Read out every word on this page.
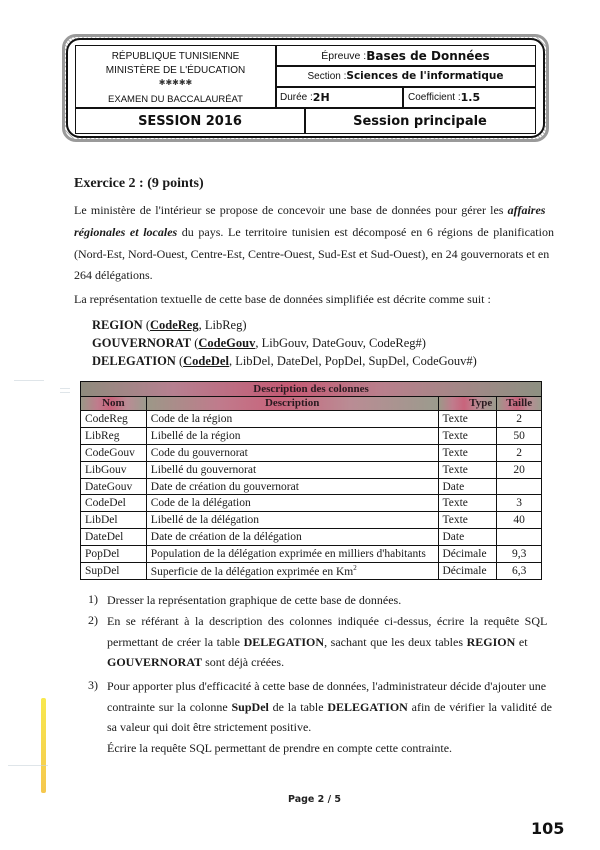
RÉPUBLIQUE TUNISIENNE
MINISTÈRE DE L'ÉDUCATION
✱✱✱✱✱
EXAMEN DU BACCALAURÉAT
Épreuve : Bases de Données
Section : Sciences de l'informatique
Durée : 2H	Coefficient : 1.5
SESSION 2016	Session principale
Exercice 2 : (9 points)
Le ministère de l'intérieur se propose de concevoir une base de données pour gérer les affaires
régionales et locales du pays. Le territoire tunisien est décomposé en 6 régions de planification
(Nord-Est, Nord-Ouest, Centre-Est, Centre-Ouest, Sud-Est et Sud-Ouest), en 24 gouvernorats et en
264 délégations.
La représentation textuelle de cette base de données simplifiée est décrite comme suit :
REGION (CodeReg, LibReg)
GOUVERNORAT (CodeGouv, LibGouv, DateGouv, CodeReg#)
DELEGATION (CodeDel, LibDel, DateDel, PopDel, SupDel, CodeGouv#)
Description des colonnes			
Nom	Description	Type	Taille
CodeReg	Code de la région	Texte	2
LibReg	Libellé de la région	Texte	50
CodeGouv	Code du gouvernorat	Texte	2
LibGouv	Libellé du gouvernorat	Texte	20
DateGouv	Date de création du gouvernorat	Date	
CodeDel	Code de la délégation	Texte	3
LibDel	Libellé de la délégation	Texte	40
DateDel	Date de création de la délégation	Date	
PopDel	Population de la délégation exprimée en milliers d'habitants	Décimale	9,3
SupDel	Superficie de la délégation exprimée en Km$^2$	Décimale	6,3
1) Dresser la représentation graphique de cette base de données.
2) En se référant à la description des colonnes indiquée ci-dessus, écrire la requête SQL
permettant de créer la table DELEGATION, sachant que les deux tables REGION et
GOUVERNORAT sont déjà créées.
3) Pour apporter plus d'efficacité à cette base de données, l'administrateur décide d'ajouter une
contrainte sur la colonne SupDel de la table DELEGATION afin de vérifier la validité de
sa valeur qui doit être strictement positive.
Écrire la requête SQL permettant de prendre en compte cette contrainte.
Page 2 / 5
105
